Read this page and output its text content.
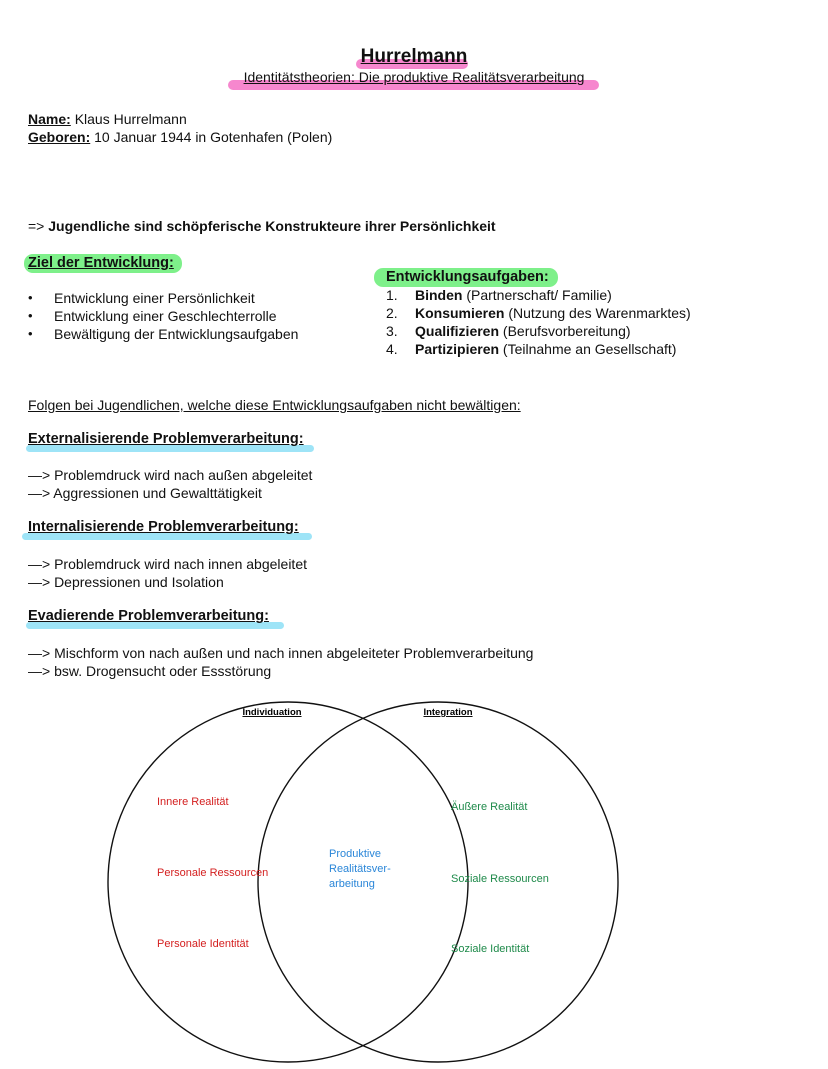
Hurrelmann
Identitätstheorien: Die produktive Realitätsverarbeitung
Name: Klaus Hurrelmann
Geboren: 10 Januar 1944 in Gotenhafen (Polen)
=> Jugendliche sind schöpferische Konstrukteure ihrer Persönlichkeit
Ziel der Entwicklung:
• Entwicklung einer Persönlichkeit
• Entwicklung einer Geschlechterrolle
• Bewältigung der Entwicklungsaufgaben
Entwicklungsaufgaben:
1. Binden (Partnerschaft/ Familie)
2. Konsumieren (Nutzung des Warenmarktes)
3. Qualifizieren (Berufsvorbereitung)
4. Partizipieren (Teilnahme an Gesellschaft)
Folgen bei Jugendlichen, welche diese Entwicklungsaufgaben nicht bewältigen:
Externalisierende Problemverarbeitung:
—> Problemdruck wird nach außen abgeleitet
—> Aggressionen und Gewalttätigkeit
Internalisierende Problemverarbeitung:
—> Problemdruck wird nach innen abgeleitet
—> Depressionen und Isolation
Evadierende Problemverarbeitung:
—> Mischform von nach außen und nach innen abgeleiteter Problemverarbeitung
—> bsw. Drogensucht oder Essstörung
Individuation	Integration
Innere Realität
Personale Ressourcen
Personale Identität
Produktive
Realitätsver-
arbeitung
Äußere Realität
Soziale Ressourcen
Soziale Identität
